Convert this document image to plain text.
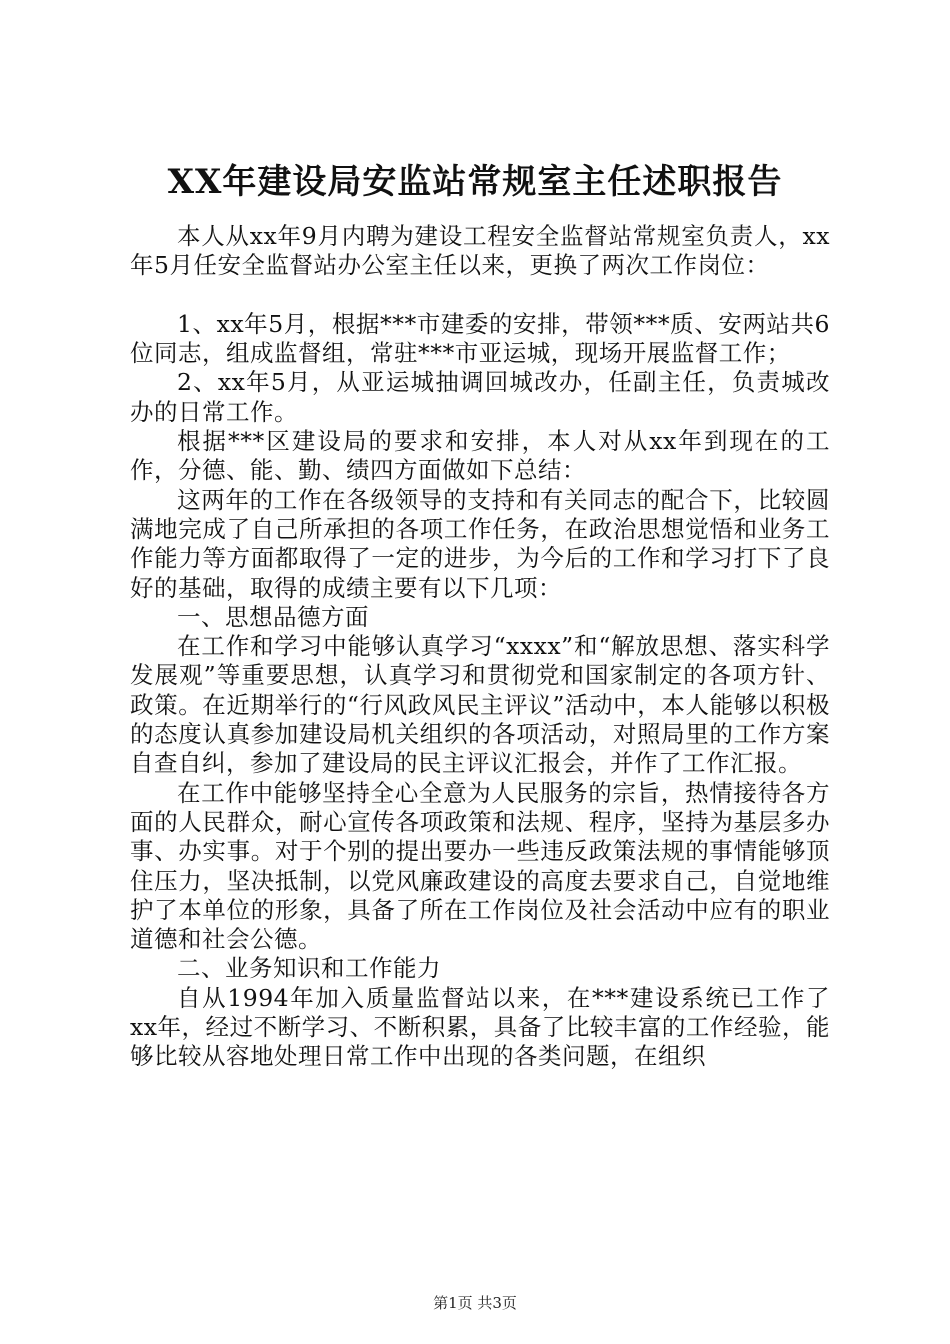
XX年建设局安监站常规室主任述职报告

本人从xx年9月内聘为建设工程安全监督站常规室负责人，xx年5月任安全监督站办公室主任以来，更换了两次工作岗位：

1、xx年5月，根据***市建委的安排，带领***质、安两站共6位同志，组成监督组，常驻***市亚运城，现场开展监督工作；

2、xx年5月，从亚运城抽调回城改办，任副主任，负责城改办的日常工作。

根据***区建设局的要求和安排，本人对从xx年到现在的工作，分德、能、勤、绩四方面做如下总结：

这两年的工作在各级领导的支持和有关同志的配合下，比较圆满地完成了自己所承担的各项工作任务，在政治思想觉悟和业务工作能力等方面都取得了一定的进步，为今后的工作和学习打下了良好的基础，取得的成绩主要有以下几项：

一、思想品德方面

在工作和学习中能够认真学习“xxxx”和“解放思想、落实科学发展观”等重要思想，认真学习和贯彻党和国家制定的各项方针、政策。在近期举行的“行风政风民主评议”活动中，本人能够以积极的态度认真参加建设局机关组织的各项活动，对照局里的工作方案自查自纠，参加了建设局的民主评议汇报会，并作了工作汇报。

在工作中能够坚持全心全意为人民服务的宗旨，热情接待各方面的人民群众，耐心宣传各项政策和法规、程序，坚持为基层多办事、办实事。对于个别的提出要办一些违反政策法规的事情能够顶住压力，坚决抵制，以党风廉政建设的高度去要求自己，自觉地维护了本单位的形象，具备了所在工作岗位及社会活动中应有的职业道德和社会公德。

二、业务知识和工作能力

自从1994年加入质量监督站以来，在***建设系统已工作了xx年，经过不断学习、不断积累，具备了比较丰富的工作经验，能够比较从容地处理日常工作中出现的各类问题，在组织

第1页 共3页
